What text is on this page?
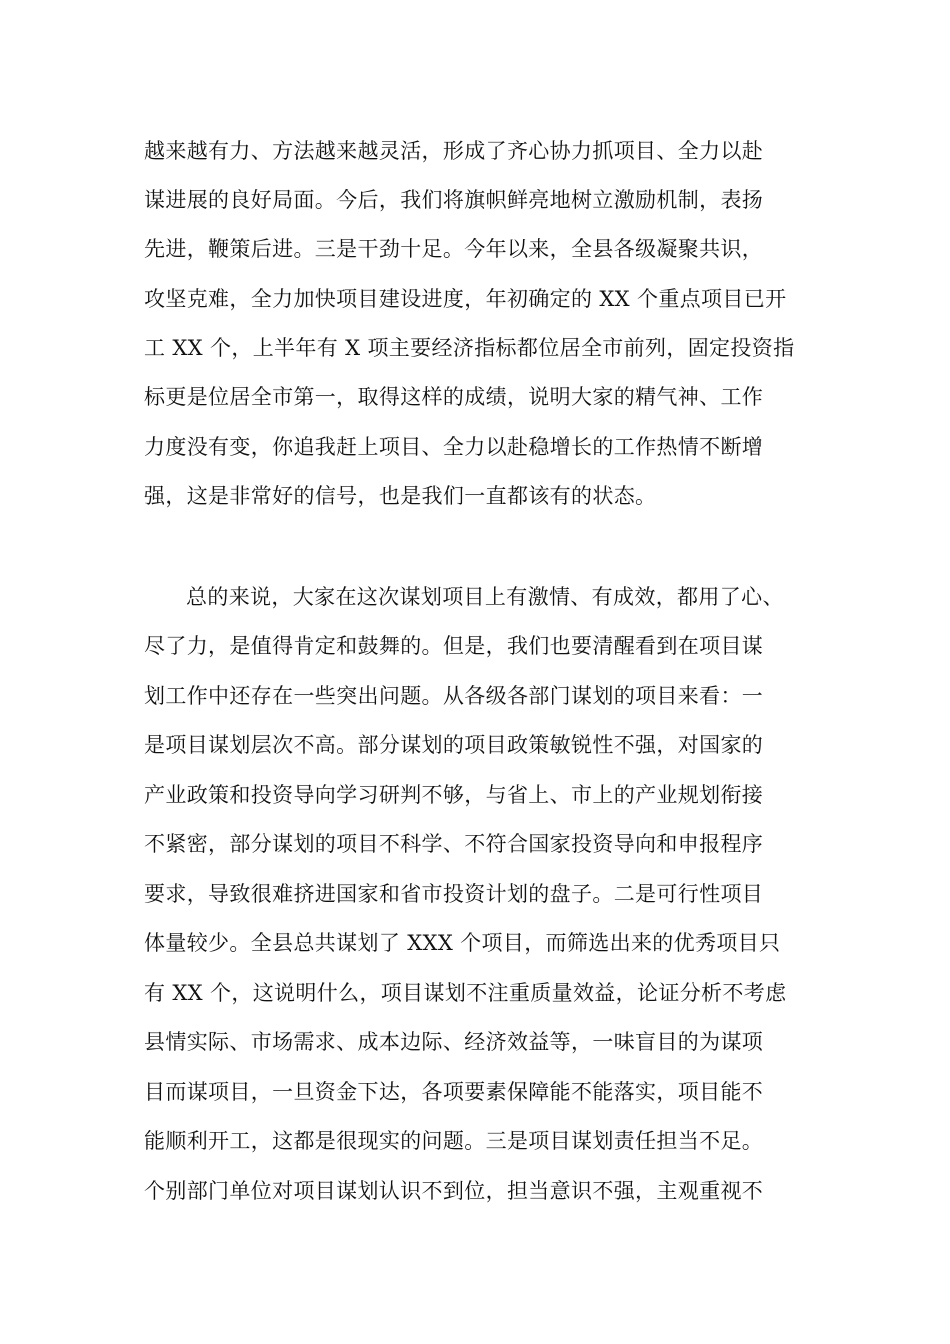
越来越有力、方法越来越灵活，形成了齐心协力抓项目、全力以赴
谋进展的良好局面。今后，我们将旗帜鲜亮地树立激励机制，表扬
先进，鞭策后进。三是干劲十足。今年以来，全县各级凝聚共识，
攻坚克难，全力加快项目建设进度，年初确定的 XX 个重点项目已开
工 XX 个，上半年有 X 项主要经济指标都位居全市前列，固定投资指
标更是位居全市第一，取得这样的成绩，说明大家的精气神、工作
力度没有变，你追我赶上项目、全力以赴稳增长的工作热情不断增
强，这是非常好的信号，也是我们一直都该有的状态。
总的来说，大家在这次谋划项目上有激情、有成效，都用了心、
尽了力，是值得肯定和鼓舞的。但是，我们也要清醒看到在项目谋
划工作中还存在一些突出问题。从各级各部门谋划的项目来看：一
是项目谋划层次不高。部分谋划的项目政策敏锐性不强，对国家的
产业政策和投资导向学习研判不够，与省上、市上的产业规划衔接
不紧密，部分谋划的项目不科学、不符合国家投资导向和申报程序
要求，导致很难挤进国家和省市投资计划的盘子。二是可行性项目
体量较少。全县总共谋划了 XXX 个项目，而筛选出来的优秀项目只
有 XX 个，这说明什么，项目谋划不注重质量效益，论证分析不考虑
县情实际、市场需求、成本边际、经济效益等，一味盲目的为谋项
目而谋项目，一旦资金下达，各项要素保障能不能落实，项目能不
能顺利开工，这都是很现实的问题。三是项目谋划责任担当不足。
个别部门单位对项目谋划认识不到位，担当意识不强，主观重视不
